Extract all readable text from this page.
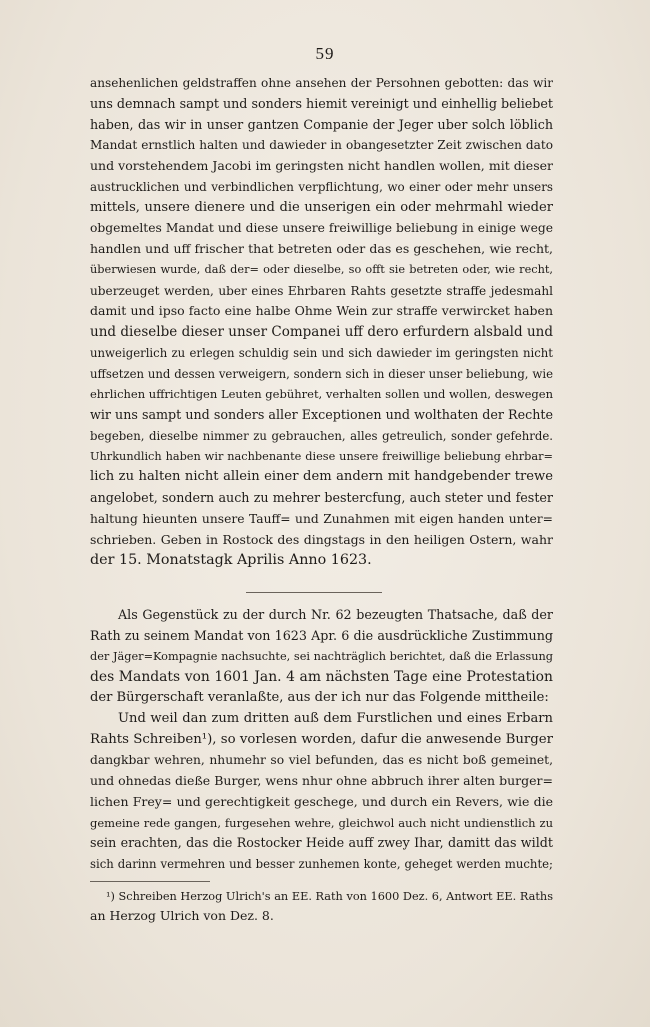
59
ansehenlichen geldstraffen ohne ansehen der Persohnen gebotten: das wir
uns demnach sampt und sonders hiemit vereinigt und einhellig beliebet
haben, das wir in unser gantzen Companie der Jeger uber solch löblich
Mandat ernstlich halten und dawieder in obangesetzter Zeit zwischen dato
und vorstehendem Jacobi im geringsten nicht handlen wollen, mit dieser
austrucklichen und verbindlichen verpflichtung, wo einer oder mehr unsers
mittels, unsere dienere und die unserigen ein oder mehrmahl wieder
obgemeltes Mandat und diese unsere freiwillige beliebung in einige wege
handlen und uff frischer that betreten oder das es geschehen, wie recht,
überwiesen wurde, daß der= oder dieselbe, so offt sie betreten oder, wie recht,
uberzeuget werden, uber eines Ehrbaren Rahts gesetzte straffe jedesmahl
damit und ipso facto eine halbe Ohme Wein zur straffe verwircket haben
und dieselbe dieser unser Companei uff dero erfurdern alsbald und
unweigerlich zu erlegen schuldig sein und sich dawieder im geringsten nicht
uffsetzen und dessen verweigern, sondern sich in dieser unser beliebung, wie
ehrlichen uffrichtigen Leuten gebühret, verhalten sollen und wollen, deswegen
wir uns sampt und sonders aller Exceptionen und wolthaten der Rechte
begeben, dieselbe nimmer zu gebrauchen, alles getreulich, sonder gefehrde.
Uhrkundlich haben wir nachbenante diese unsere freiwillige beliebung ehrbar=
lich zu halten nicht allein einer dem andern mit handgebender trewe
angelobet, sondern auch zu mehrer bestercfung, auch steter und fester
haltung hieunten unsere Tauff= und Zunahmen mit eigen handen unter=
schrieben. Geben in Rostock des dingstags in den heiligen Ostern, wahr
der 15. Monatstagk Aprilis Anno 1623.
Als Gegenstück zu der durch Nr. 62 bezeugten Thatsache, daß der
Rath zu seinem Mandat von 1623 Apr. 6 die ausdrückliche Zustimmung
der Jäger=Kompagnie nachsuchte, sei nachträglich berichtet, daß die Erlassung
des Mandats von 1601 Jan. 4 am nächsten Tage eine Protestation
der Bürgerschaft veranlaßte, aus der ich nur das Folgende mittheile:
Und weil dan zum dritten auß dem Furstlichen und eines Erbarn
Rahts Schreiben¹), so vorlesen worden, dafur die anwesende Burger
dangkbar wehren, nhumehr so viel befunden, das es nicht boß gemeinet,
und ohnedas dieße Burger, wens nhur ohne abbruch ihrer alten burger=
lichen Frey= und gerechtigkeit geschege, und durch ein Revers, wie die
gemeine rede gangen, furgesehen wehre, gleichwol auch nicht undienstlich zu
sein erachten, das die Rostocker Heide auff zwey Ihar, damitt das wildt
sich darinn vermehren und besser zunhemen konte, geheget werden muchte;
¹) Schreiben Herzog Ulrich's an EE. Rath von 1600 Dez. 6, Antwort EE. Raths
an Herzog Ulrich von Dez. 8.
